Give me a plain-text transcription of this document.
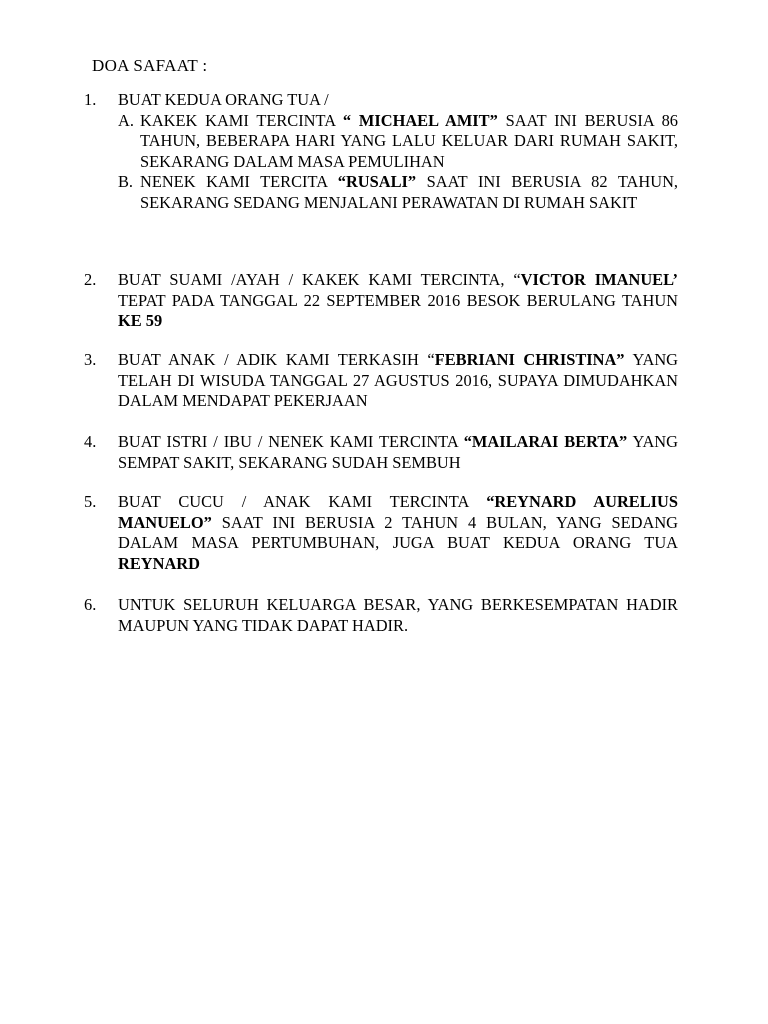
DOA SAFAAT :
1.	BUAT KEDUA ORANG TUA /
A. KAKEK KAMI TERCINTA “ MICHAEL AMIT” SAAT INI BERUSIA 86 TAHUN, BEBERAPA HARI YANG LALU KELUAR DARI RUMAH SAKIT, SEKARANG DALAM MASA PEMULIHAN
B. NENEK KAMI TERCITA “RUSALI” SAAT INI BERUSIA 82 TAHUN, SEKARANG SEDANG MENJALANI PERAWATAN DI RUMAH SAKIT
2.	BUAT SUAMI /AYAH / KAKEK KAMI TERCINTA, “VICTOR IMANUEL’ TEPAT PADA TANGGAL 22 SEPTEMBER 2016 BESOK BERULANG TAHUN KE 59
3.	BUAT ANAK / ADIK KAMI TERKASIH “FEBRIANI CHRISTINA” YANG TELAH DI WISUDA TANGGAL 27 AGUSTUS 2016, SUPAYA DIMUDAHKAN DALAM MENDAPAT PEKERJAAN
4.	BUAT ISTRI / IBU / NENEK KAMI TERCINTA “MAILARAI BERTA” YANG SEMPAT SAKIT, SEKARANG SUDAH SEMBUH
5.	BUAT CUCU / ANAK KAMI TERCINTA “REYNARD AURELIUS MANUELO” SAAT INI BERUSIA 2 TAHUN 4 BULAN, YANG SEDANG DALAM MASA PERTUMBUHAN, JUGA BUAT KEDUA ORANG TUA REYNARD
6.	UNTUK SELURUH KELUARGA BESAR, YANG BERKESEMPATAN HADIR MAUPUN YANG TIDAK DAPAT HADIR.
